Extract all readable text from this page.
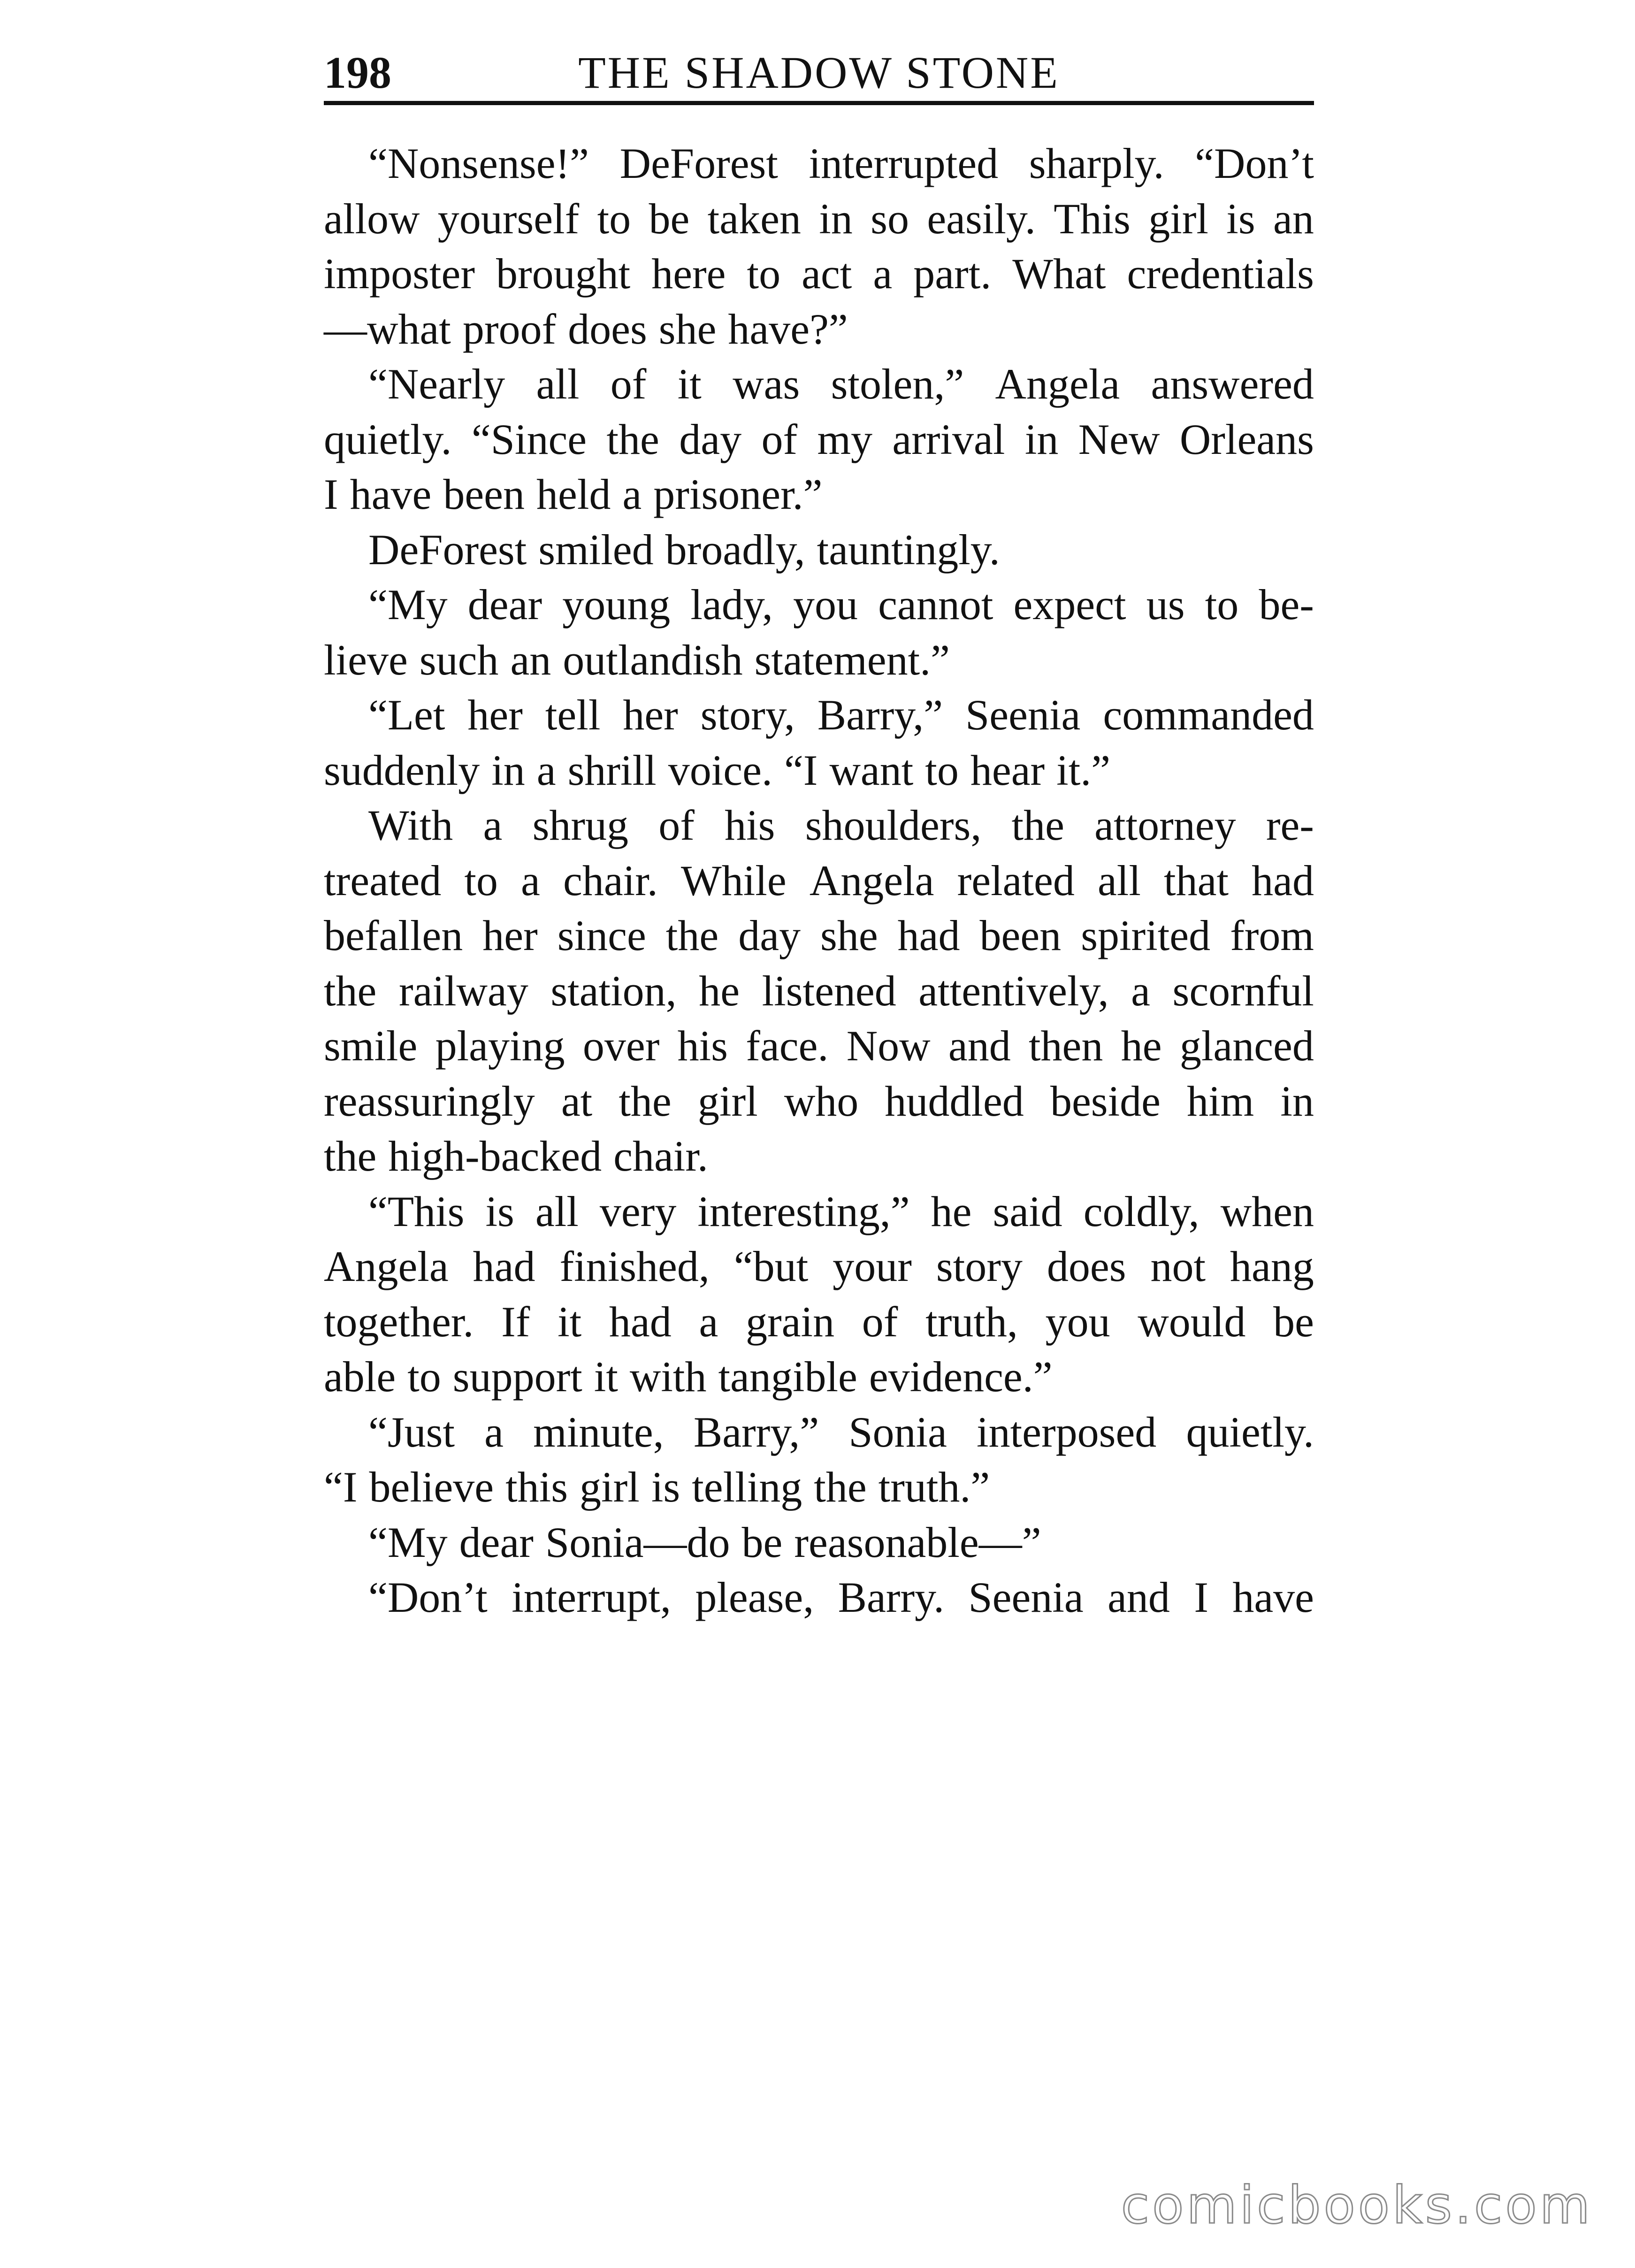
198	THE SHADOW STONE
“Nonsense!” DeForest interrupted sharply. “Don’t
allow yourself to be taken in so easily. This girl is an
imposter brought here to act a part. What credentials
—what proof does she have?”
“Nearly all of it was stolen,” Angela answered
quietly. “Since the day of my arrival in New Orleans
I have been held a prisoner.”
DeForest smiled broadly, tauntingly.
“My dear young lady, you cannot expect us to be-
lieve such an outlandish statement.”
“Let her tell her story, Barry,” Seenia commanded
suddenly in a shrill voice. “I want to hear it.”
With a shrug of his shoulders, the attorney re-
treated to a chair. While Angela related all that had
befallen her since the day she had been spirited from
the railway station, he listened attentively, a scornful
smile playing over his face. Now and then he glanced
reassuringly at the girl who huddled beside him in
the high-backed chair.
“This is all very interesting,” he said coldly, when
Angela had finished, “but your story does not hang
together. If it had a grain of truth, you would be
able to support it with tangible evidence.”
“Just a minute, Barry,” Sonia interposed quietly.
“I believe this girl is telling the truth.”
“My dear Sonia—do be reasonable—”
“Don’t interrupt, please, Barry. Seenia and I have
comicbooks.com
